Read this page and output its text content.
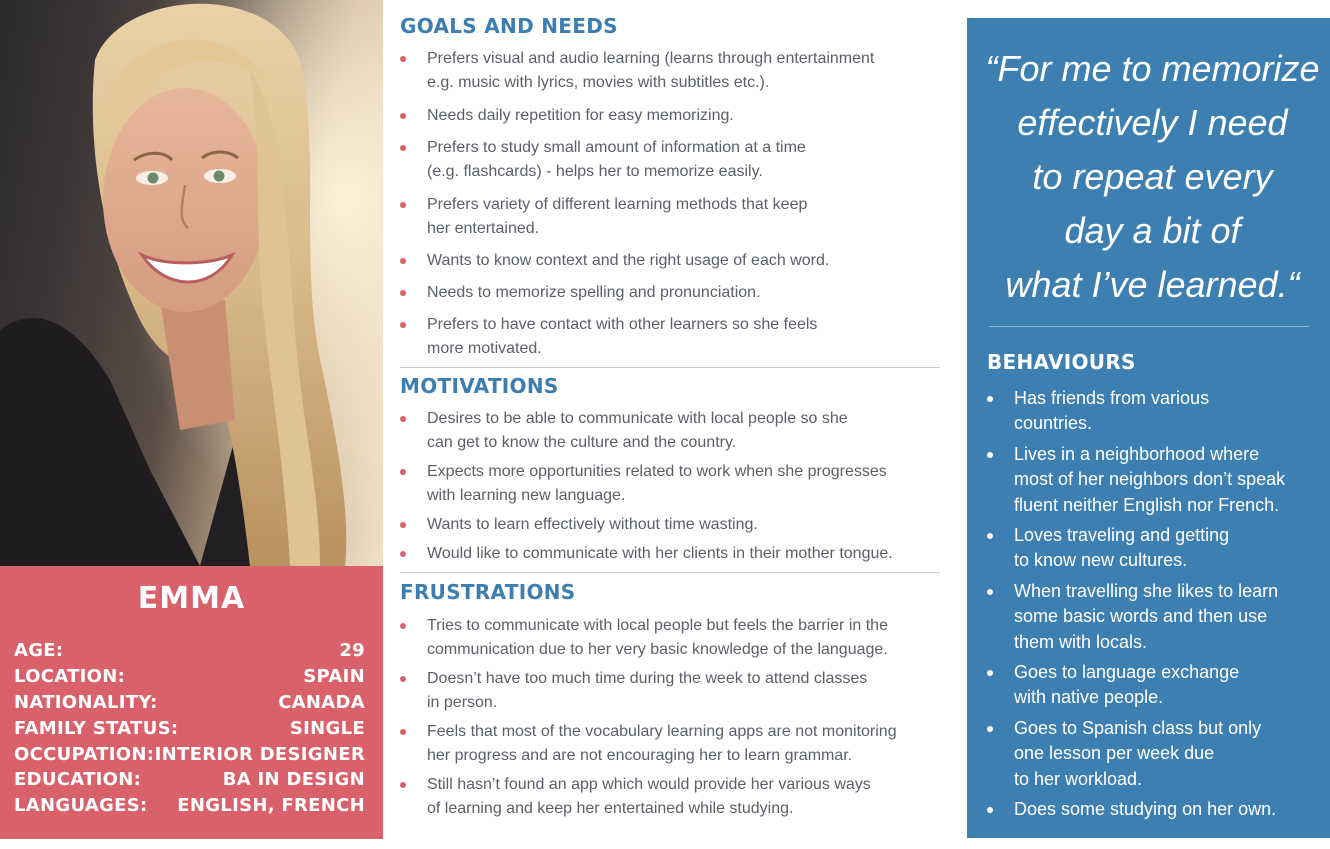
EMMA
AGE:	29
LOCATION:	SPAIN
NATIONALITY:	CANADA
FAMILY STATUS:	SINGLE
OCCUPATION: INTERIOR DESIGNER
EDUCATION:	BA IN DESIGN
LANGUAGES: ENGLISH, FRENCH
GOALS AND NEEDS
Prefers visual and audio learning (learns through entertainment
e.g. music with lyrics, movies with subtitles etc.).
Needs daily repetition for easy memorizing.
Prefers to study small amount of information at a time
(e.g. flashcards) - helps her to memorize easily.
Prefers variety of different learning methods that keep
her entertained.
Wants to know context and the right usage of each word.
Needs to memorize spelling and pronunciation.
Prefers to have contact with other learners so she feels
more motivated.
MOTIVATIONS
Desires to be able to communicate with local people so she
can get to know the culture and the country.
Expects more opportunities related to work when she progresses
with learning new language.
Wants to learn effectively without time wasting.
Would like to communicate with her clients in their mother tongue.
FRUSTRATIONS
Tries to communicate with local people but feels the barrier in the
communication due to her very basic knowledge of the language.
Doesn’t have too much time during the week to attend classes
in person.
Feels that most of the vocabulary learning apps are not monitoring
her progress and are not encouraging her to learn grammar.
Still hasn’t found an app which would provide her various ways
of learning and keep her entertained while studying.
“For me to memorize
effectively I need
to repeat every
day a bit of
what I’ve learned.“
BEHAVIOURS
Has friends from various
countries.
Lives in a neighborhood where
most of her neighbors don’t speak
fluent neither English nor French.
Loves traveling and getting
to know new cultures.
When travelling she likes to learn
some basic words and then use
them with locals.
Goes to language exchange
with native people.
Goes to Spanish class but only
one lesson per week due
to her workload.
Does some studying on her own.
